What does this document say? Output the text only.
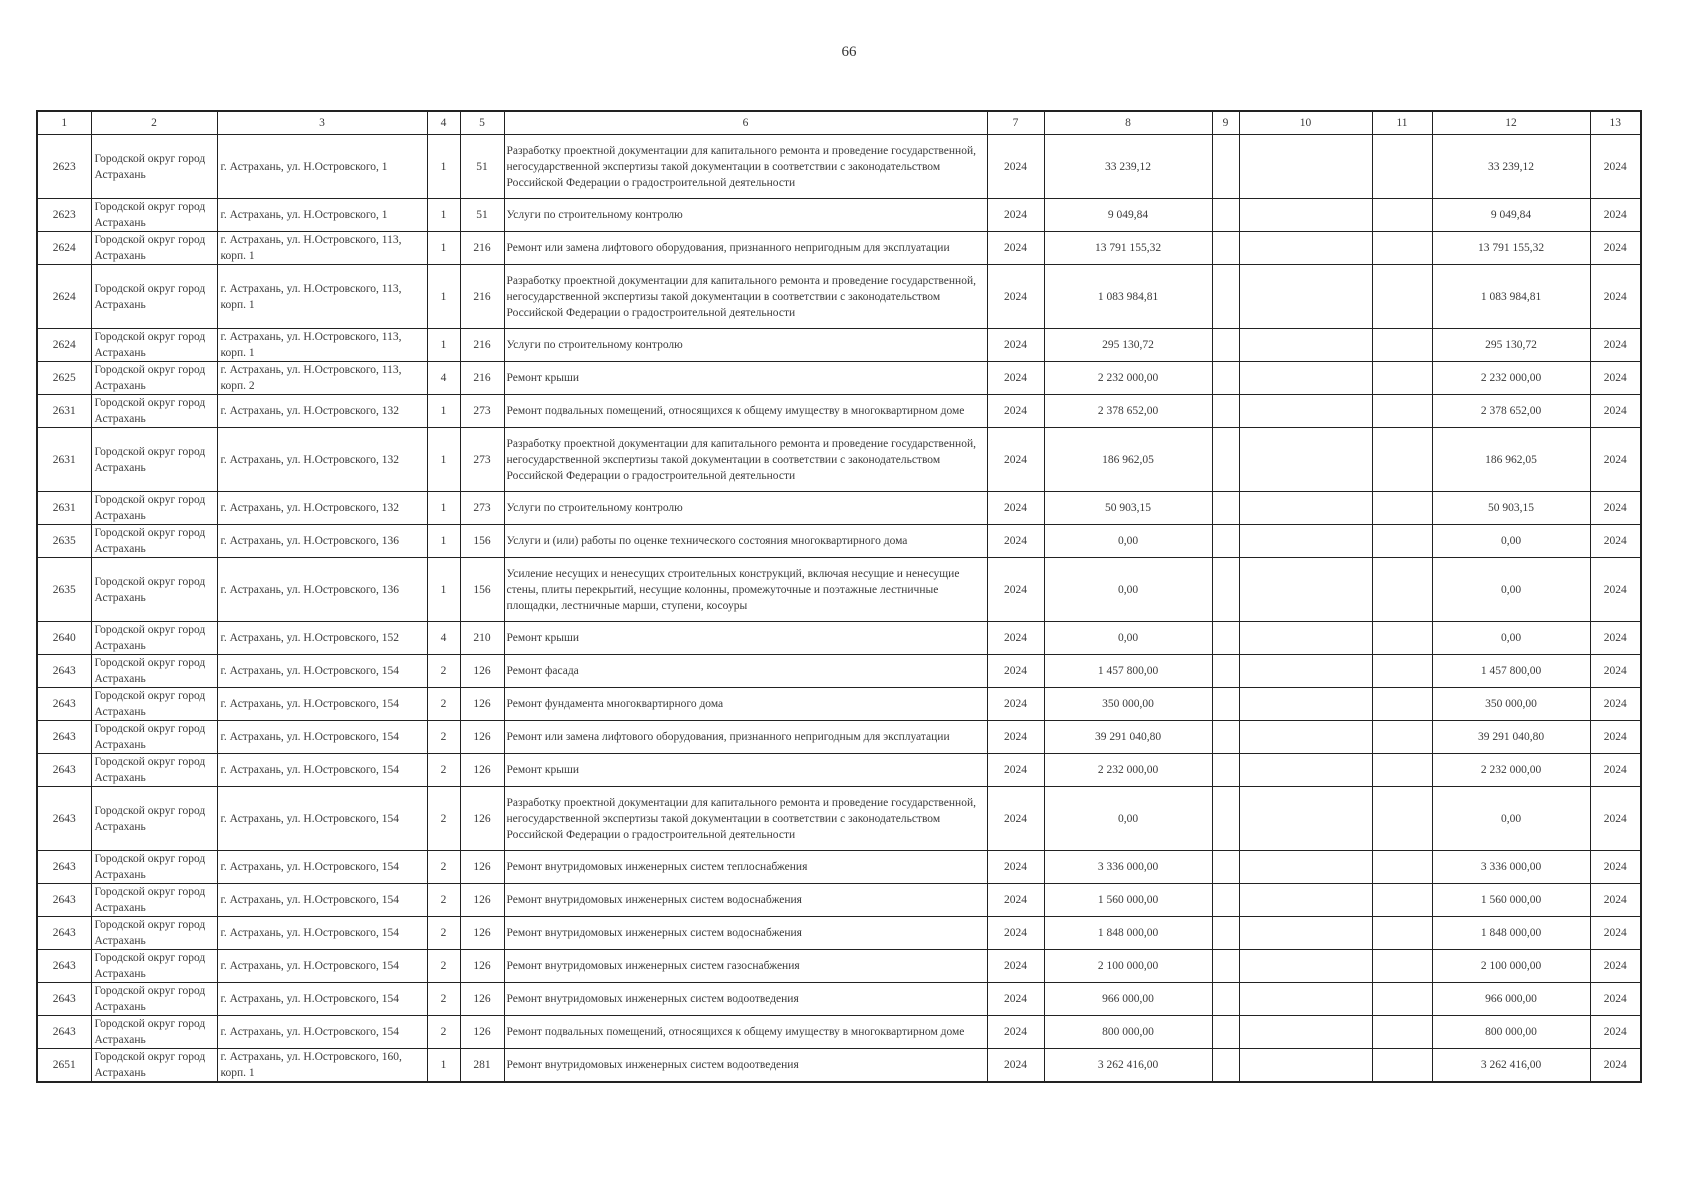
66
1	2	3	4	5	6	7	8	9	10	11	12	13
2623	Городской округ город Астрахань	г. Астрахань, ул. Н.Островского, 1	1	51	Разработку проектной документации для капитального ремонта и проведение государственной, негосударственной экспертизы такой документации в соответствии с законодательством Российской Федерации о градостроительной деятельности	2024	33 239,12				33 239,12	2024
2623	Городской округ город Астрахань	г. Астрахань, ул. Н.Островского, 1	1	51	Услуги по строительному контролю	2024	9 049,84				9 049,84	2024
2624	Городской округ город Астрахань	г. Астрахань, ул. Н.Островского, 113, корп. 1	1	216	Ремонт или замена лифтового оборудования, признанного непригодным для эксплуатации	2024	13 791 155,32				13 791 155,32	2024
2624	Городской округ город Астрахань	г. Астрахань, ул. Н.Островского, 113, корп. 1	1	216	Разработку проектной документации для капитального ремонта и проведение государственной, негосударственной экспертизы такой документации в соответствии с законодательством Российской Федерации о градостроительной деятельности	2024	1 083 984,81				1 083 984,81	2024
2624	Городской округ город Астрахань	г. Астрахань, ул. Н.Островского, 113, корп. 1	1	216	Услуги по строительному контролю	2024	295 130,72				295 130,72	2024
2625	Городской округ город Астрахань	г. Астрахань, ул. Н.Островского, 113, корп. 2	4	216	Ремонт крыши	2024	2 232 000,00				2 232 000,00	2024
2631	Городской округ город Астрахань	г. Астрахань, ул. Н.Островского, 132	1	273	Ремонт подвальных помещений, относящихся к общему имуществу в многоквартирном доме	2024	2 378 652,00				2 378 652,00	2024
2631	Городской округ город Астрахань	г. Астрахань, ул. Н.Островского, 132	1	273	Разработку проектной документации для капитального ремонта и проведение государственной, негосударственной экспертизы такой документации в соответствии с законодательством Российской Федерации о градостроительной деятельности	2024	186 962,05				186 962,05	2024
2631	Городской округ город Астрахань	г. Астрахань, ул. Н.Островского, 132	1	273	Услуги по строительному контролю	2024	50 903,15				50 903,15	2024
2635	Городской округ город Астрахань	г. Астрахань, ул. Н.Островского, 136	1	156	Услуги и (или) работы по оценке технического состояния многоквартирного дома	2024	0,00				0,00	2024
2635	Городской округ город Астрахань	г. Астрахань, ул. Н.Островского, 136	1	156	Усиление несущих и ненесущих строительных конструкций, включая несущие и ненесущие стены, плиты перекрытий, несущие колонны, промежуточные и поэтажные лестничные площадки, лестничные марши, ступени, косоуры	2024	0,00				0,00	2024
2640	Городской округ город Астрахань	г. Астрахань, ул. Н.Островского, 152	4	210	Ремонт крыши	2024	0,00				0,00	2024
2643	Городской округ город Астрахань	г. Астрахань, ул. Н.Островского, 154	2	126	Ремонт фасада	2024	1 457 800,00				1 457 800,00	2024
2643	Городской округ город Астрахань	г. Астрахань, ул. Н.Островского, 154	2	126	Ремонт фундамента многоквартирного дома	2024	350 000,00				350 000,00	2024
2643	Городской округ город Астрахань	г. Астрахань, ул. Н.Островского, 154	2	126	Ремонт или замена лифтового оборудования, признанного непригодным для эксплуатации	2024	39 291 040,80				39 291 040,80	2024
2643	Городской округ город Астрахань	г. Астрахань, ул. Н.Островского, 154	2	126	Ремонт крыши	2024	2 232 000,00				2 232 000,00	2024
2643	Городской округ город Астрахань	г. Астрахань, ул. Н.Островского, 154	2	126	Разработку проектной документации для капитального ремонта и проведение государственной, негосударственной экспертизы такой документации в соответствии с законодательством Российской Федерации о градостроительной деятельности	2024	0,00				0,00	2024
2643	Городской округ город Астрахань	г. Астрахань, ул. Н.Островского, 154	2	126	Ремонт внутридомовых инженерных систем теплоснабжения	2024	3 336 000,00				3 336 000,00	2024
2643	Городской округ город Астрахань	г. Астрахань, ул. Н.Островского, 154	2	126	Ремонт внутридомовых инженерных систем водоснабжения	2024	1 560 000,00				1 560 000,00	2024
2643	Городской округ город Астрахань	г. Астрахань, ул. Н.Островского, 154	2	126	Ремонт внутридомовых инженерных систем водоснабжения	2024	1 848 000,00				1 848 000,00	2024
2643	Городской округ город Астрахань	г. Астрахань, ул. Н.Островского, 154	2	126	Ремонт внутридомовых инженерных систем газоснабжения	2024	2 100 000,00				2 100 000,00	2024
2643	Городской округ город Астрахань	г. Астрахань, ул. Н.Островского, 154	2	126	Ремонт внутридомовых инженерных систем водоотведения	2024	966 000,00				966 000,00	2024
2643	Городской округ город Астрахань	г. Астрахань, ул. Н.Островского, 154	2	126	Ремонт подвальных помещений, относящихся к общему имуществу в многоквартирном доме	2024	800 000,00				800 000,00	2024
2651	Городской округ город Астрахань	г. Астрахань, ул. Н.Островского, 160, корп. 1	1	281	Ремонт внутридомовых инженерных систем водоотведения	2024	3 262 416,00				3 262 416,00	2024
